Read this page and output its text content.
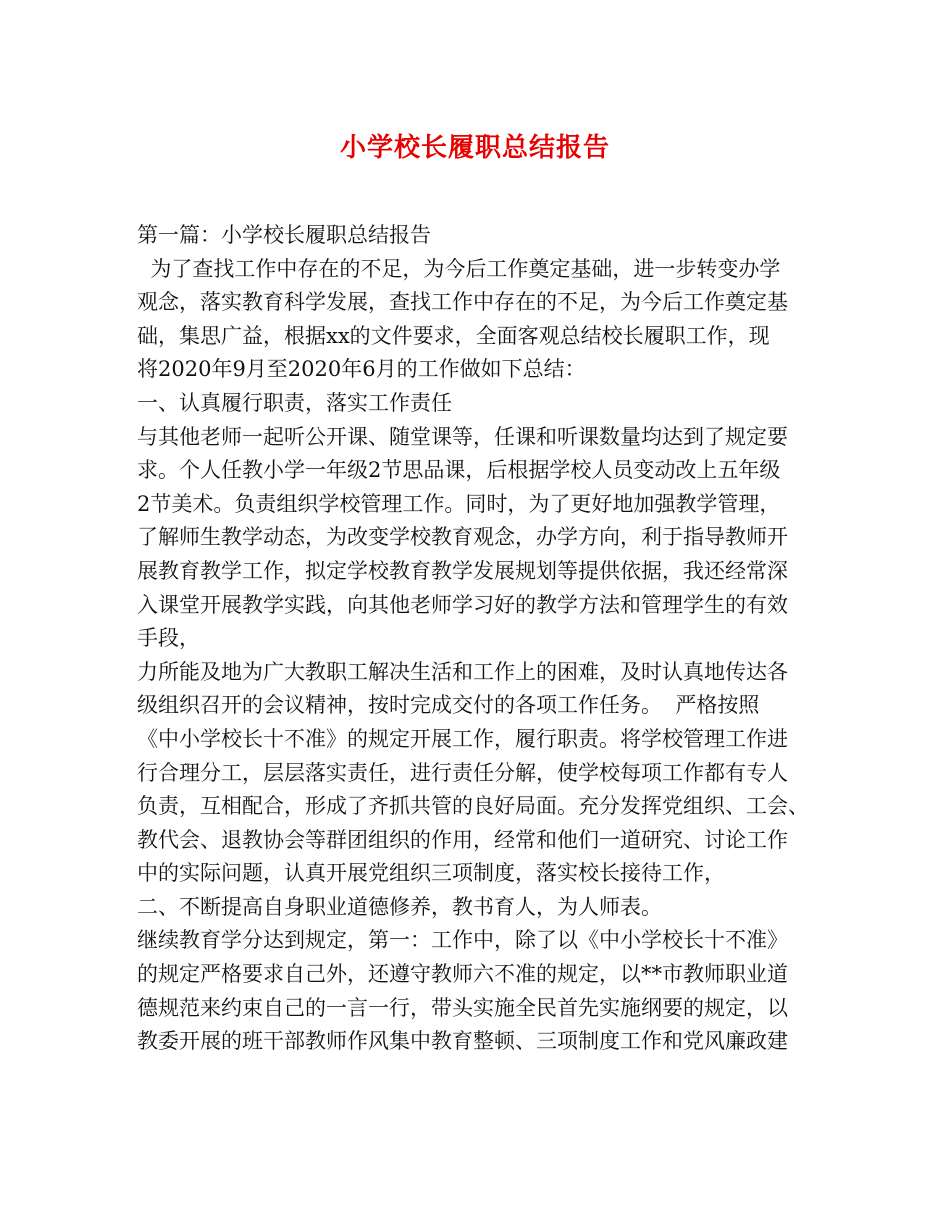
小学校长履职总结报告
第一篇：小学校长履职总结报告
为了查找工作中存在的不足，为今后工作奠定基础，进一步转变办学
观念，落实教育科学发展，查找工作中存在的不足，为今后工作奠定基
础，集思广益，根据xx的文件要求，全面客观总结校长履职工作，现
将2020年9月至2020年6月的工作做如下总结：
一、认真履行职责，落实工作责任
与其他老师一起听公开课、随堂课等，任课和听课数量均达到了规定要
求。个人任教小学一年级2节思品课，后根据学校人员变动改上五年级
2节美术。负责组织学校管理工作。同时，为了更好地加强教学管理，
了解师生教学动态，为改变学校教育观念，办学方向，利于指导教师开
展教育教学工作，拟定学校教育教学发展规划等提供依据，我还经常深
入课堂开展教学实践，向其他老师学习好的教学方法和管理学生的有效
手段，
力所能及地为广大教职工解决生活和工作上的困难，及时认真地传达各
级组织召开的会议精神，按时完成交付的各项工作任务。  严格按照
《中小学校长十不准》的规定开展工作，履行职责。将学校管理工作进
行合理分工，层层落实责任，进行责任分解，使学校每项工作都有专人
负责，互相配合，形成了齐抓共管的良好局面。充分发挥党组织、工会、
教代会、退教协会等群团组织的作用，经常和他们一道研究、讨论工作
中的实际问题，认真开展党组织三项制度，落实校长接待工作，
二、不断提高自身职业道德修养，教书育人，为人师表。
继续教育学分达到规定，第一：工作中，除了以《中小学校长十不准》
的规定严格要求自己外，还遵守教师六不准的规定，以**市教师职业道
德规范来约束自己的一言一行，带头实施全民首先实施纲要的规定，以
教委开展的班干部教师作风集中教育整顿、三项制度工作和党风廉政建
